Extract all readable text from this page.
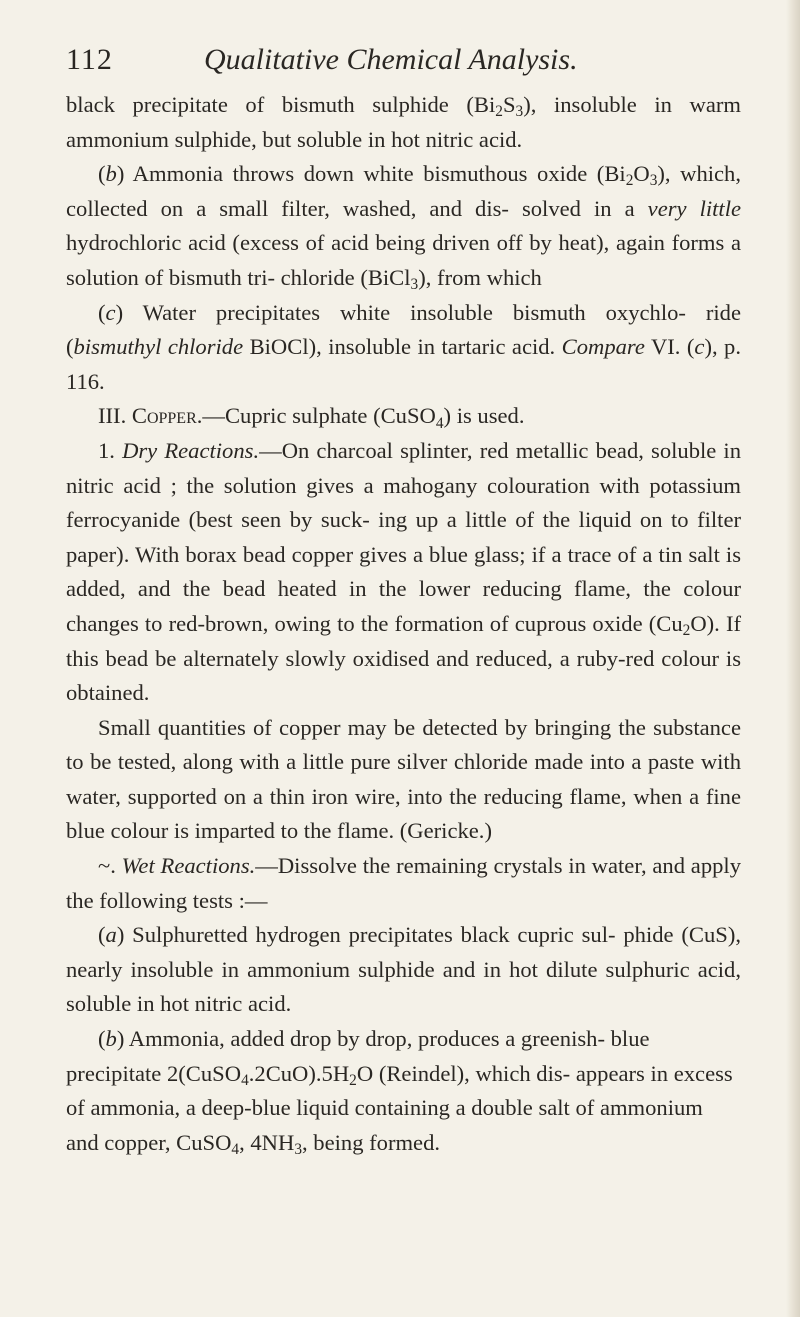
112	Qualitative Chemical Analysis.

black precipitate of bismuth sulphide $(Bi_2S_3)$, insoluble in warm ammonium sulphide, but soluble in hot nitric acid.

(b) Ammonia throws down white bismuthous oxide $(Bi_2O_3)$, which, collected on a small filter, washed, and dis- solved in a very little hydrochloric acid (excess of acid being driven off by heat), again forms a solution of bismuth tri- chloride (BiCl$_3$), from which

(c) Water precipitates white insoluble bismuth oxychlo- ride (bismuthyl chloride BiOCl), insoluble in tartaric acid. Compare VI. (c), p. 116.

III. Copper.—Cupric sulphate (CuSO$_4$) is used.

1. Dry Reactions.—On charcoal splinter, red metallic bead, soluble in nitric acid ; the solution gives a mahogany colouration with potassium ferrocyanide (best seen by suck- ing up a little of the liquid on to filter paper). With borax bead copper gives a blue glass; if a trace of a tin salt is added, and the bead heated in the lower reducing flame, the colour changes to red-brown, owing to the formation of cuprous oxide $(Cu_2O)$. If this bead be alternately slowly oxidised and reduced, a ruby-red colour is obtained.

Small quantities of copper may be detected by bringing the substance to be tested, along with a little pure silver chloride made into a paste with water, supported on a thin iron wire, into the reducing flame, when a fine blue colour is imparted to the flame. (Gericke.)

~. Wet Reactions.—Dissolve the remaining crystals in water, and apply the following tests :—

(a) Sulphuretted hydrogen precipitates black cupric sul- phide (CuS), nearly insoluble in ammonium sulphide and in hot dilute sulphuric acid, soluble in hot nitric acid.

(b) Ammonia, added drop by drop, produces a greenish- blue precipitate $2(CuSO_4.2CuO).5H_2O$ (Reindel), which dis- appears in excess of ammonia, a deep-blue liquid containing a double salt of ammonium and copper, CuSO$_4$, $4NH_3$, being formed.
